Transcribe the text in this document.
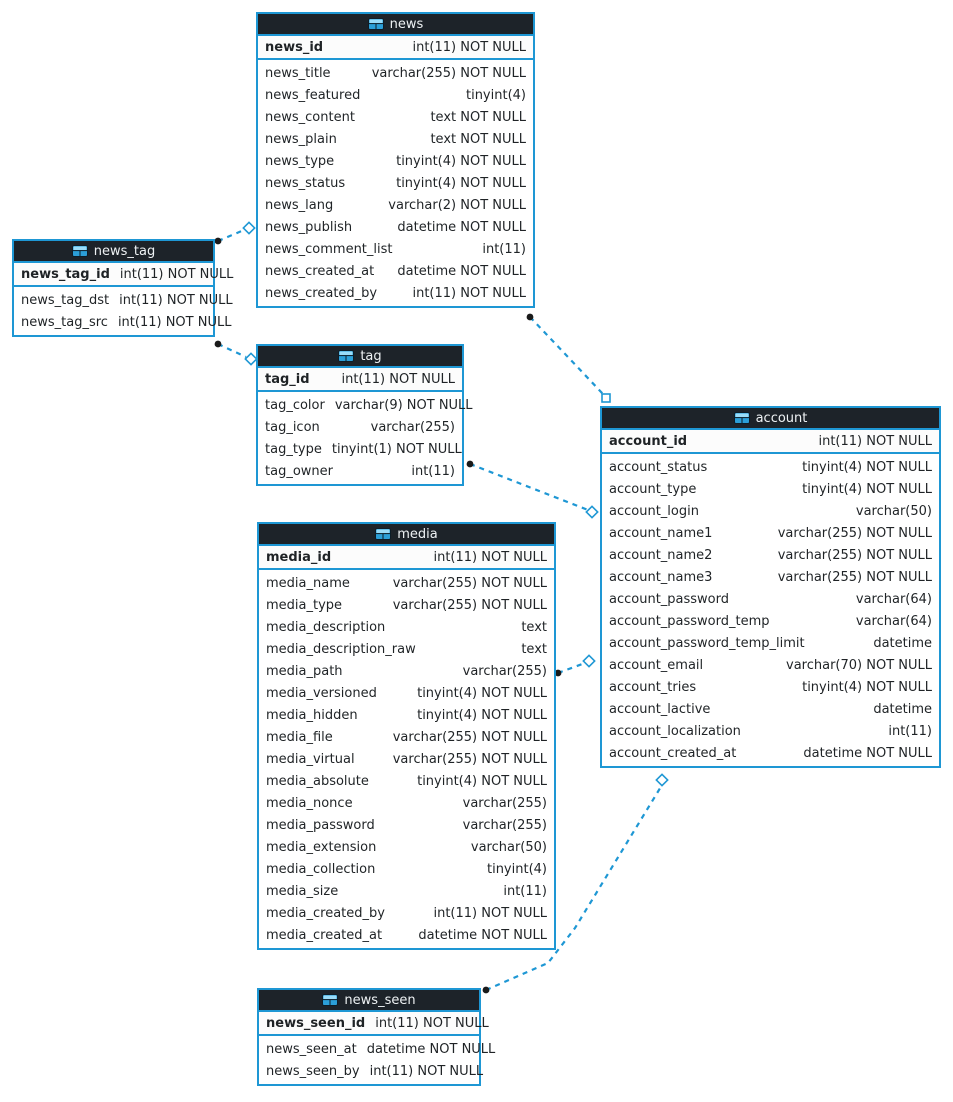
news
news_id	int(11) NOT NULL
news_title	varchar(255) NOT NULL
news_featured	tinyint(4)
news_content	text NOT NULL
news_plain	text NOT NULL
news_type	tinyint(4) NOT NULL
news_status	tinyint(4) NOT NULL
news_lang	varchar(2) NOT NULL
news_publish	datetime NOT NULL
news_comment_list	int(11)
news_created_at	datetime NOT NULL
news_created_by	int(11) NOT NULL
news_tag
news_tag_id int(11) NOT NULL
news_tag_dst int(11) NOT NULL
news_tag_src int(11) NOT NULL
tag
tag_id	int(11) NOT NULL
tag_color varchar(9) NOT NULL
tag_icon	varchar(255)
tag_type tinyint(1) NOT NULL
tag_owner	int(11)
media
media_id	int(11) NOT NULL
media_name	varchar(255) NOT NULL
media_type	varchar(255) NOT NULL
media_description	text
media_description_raw	text
media_path	varchar(255)
media_versioned	tinyint(4) NOT NULL
media_hidden	tinyint(4) NOT NULL
media_file	varchar(255) NOT NULL
media_virtual	varchar(255) NOT NULL
media_absolute	tinyint(4) NOT NULL
media_nonce	varchar(255)
media_password	varchar(255)
media_extension	varchar(50)
media_collection	tinyint(4)
media_size	int(11)
media_created_by	int(11) NOT NULL
media_created_at	datetime NOT NULL
account
account_id	int(11) NOT NULL
account_status	tinyint(4) NOT NULL
account_type	tinyint(4) NOT NULL
account_login	varchar(50)
account_name1	varchar(255) NOT NULL
account_name2	varchar(255) NOT NULL
account_name3	varchar(255) NOT NULL
account_password	varchar(64)
account_password_temp	varchar(64)
account_password_temp_limit	datetime
account_email	varchar(70) NOT NULL
account_tries	tinyint(4) NOT NULL
account_lactive	datetime
account_localization	int(11)
account_created_at	datetime NOT NULL
news_seen
news_seen_id int(11) NOT NULL
news_seen_at datetime NOT NULL
news_seen_by int(11) NOT NULL
